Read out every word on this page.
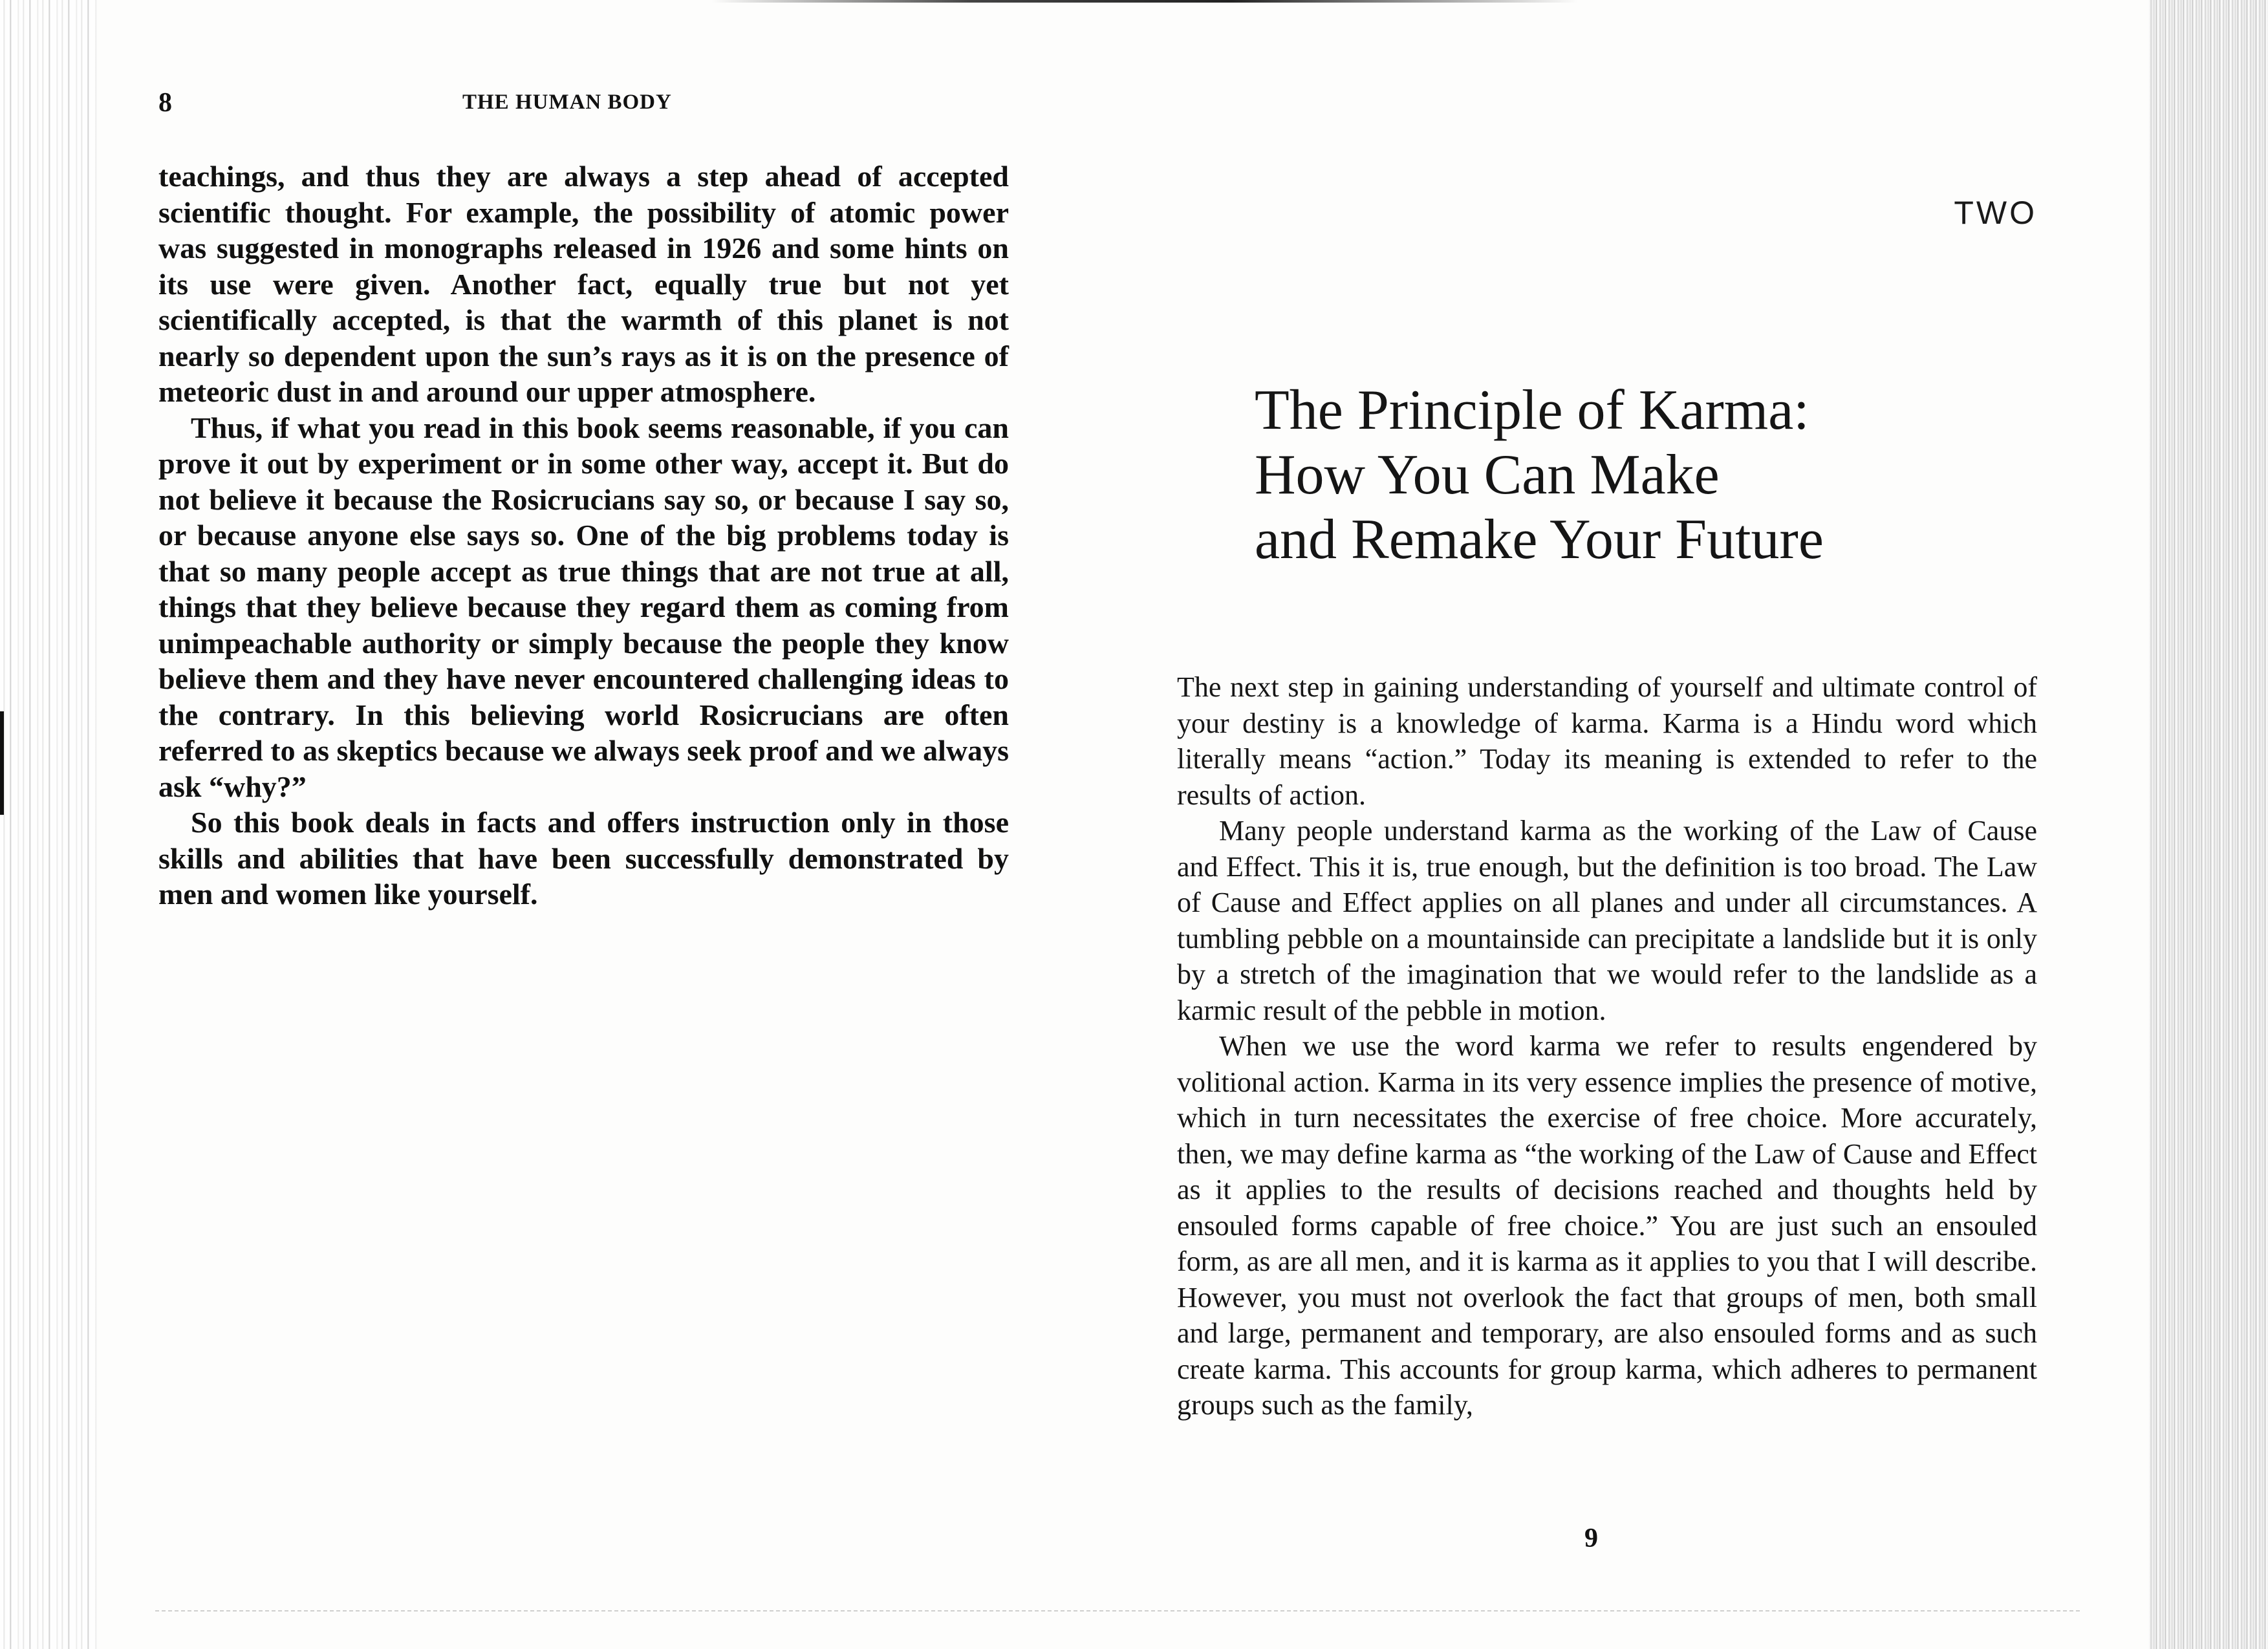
8	THE HUMAN BODY

teachings, and thus they are always a step ahead of accepted scientific thought. For example, the possibility of atomic power was suggested in monographs released in 1926 and some hints on its use were given. Another fact, equally true but not yet scientifically accepted, is that the warmth of this planet is not nearly so dependent upon the sun’s rays as it is on the presence of meteoric dust in and around our upper atmosphere.

Thus, if what you read in this book seems reasonable, if you can prove it out by experiment or in some other way, accept it. But do not believe it because the Rosicrucians say so, or because I say so, or because anyone else says so. One of the big problems today is that so many people accept as true things that are not true at all, things that they believe because they regard them as coming from unimpeachable authority or simply because the people they know believe them and they have never encountered challenging ideas to the contrary. In this believing world Rosicrucians are often referred to as skeptics because we always seek proof and we always ask “why?”

So this book deals in facts and offers instruction only in those skills and abilities that have been successfully demonstrated by men and women like yourself.

TWO
The Principle of Karma:
How You Can Make
and Remake Your Future

The next step in gaining understanding of yourself and ultimate control of your destiny is a knowledge of karma. Karma is a Hindu word which literally means “action.” Today its meaning is extended to refer to the results of action.

Many people understand karma as the working of the Law of Cause and Effect. This it is, true enough, but the definition is too broad. The Law of Cause and Effect applies on all planes and under all circumstances. A tumbling pebble on a mountainside can precipitate a landslide but it is only by a stretch of the imagination that we would refer to the landslide as a karmic result of the pebble in motion.

When we use the word karma we refer to results engendered by volitional action. Karma in its very essence implies the presence of motive, which in turn necessitates the exercise of free choice. More accurately, then, we may define karma as “the working of the Law of Cause and Effect as it applies to the results of decisions reached and thoughts held by ensouled forms capable of free choice.” You are just such an ensouled form, as are all men, and it is karma as it applies to you that I will describe. However, you must not overlook the fact that groups of men, both small and large, permanent and temporary, are also ensouled forms and as such create karma. This accounts for group karma, which adheres to permanent groups such as the family,

9
